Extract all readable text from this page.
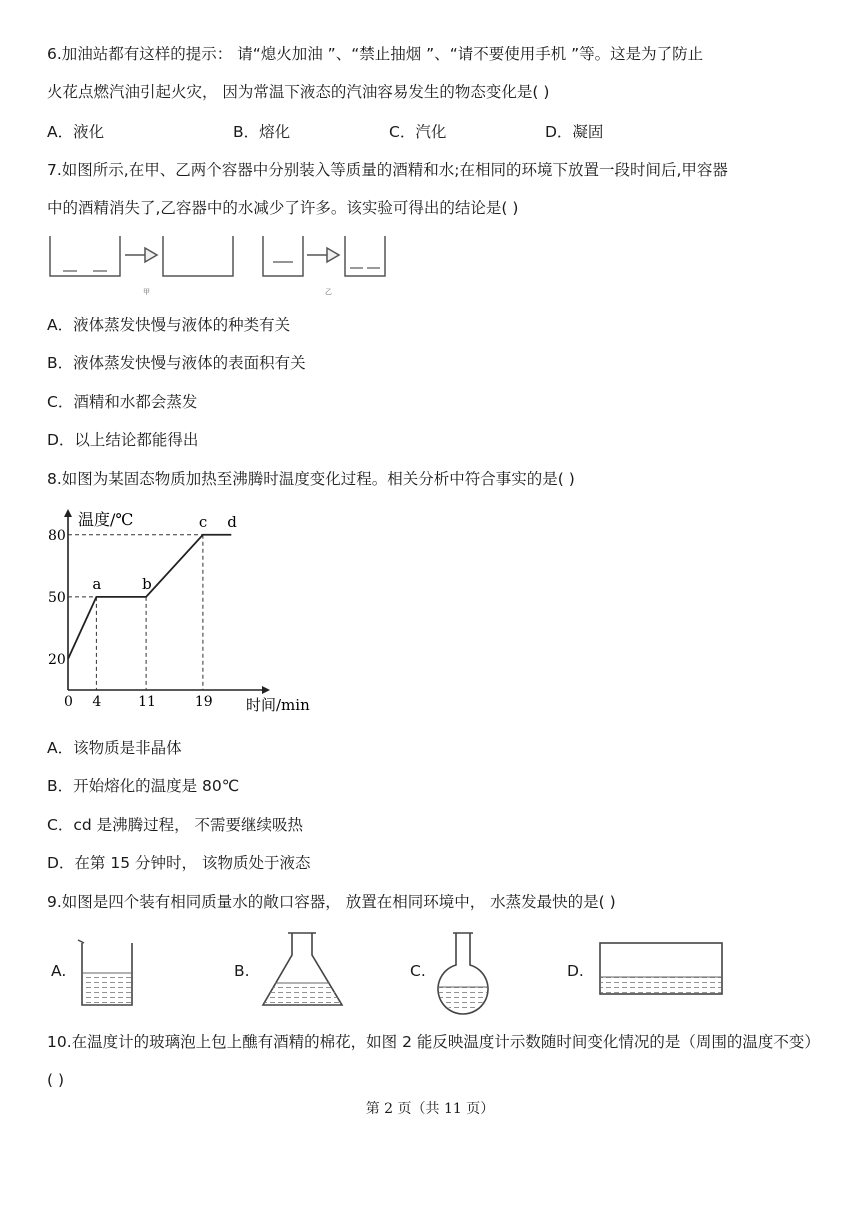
6.加油站都有这样的提示： 请“熄火加油 ”、“禁止抽烟 ”、“请不要使用手机 ”等。这是为了防止
火花点燃汽油引起火灾， 因为常温下液态的汽油容易发生的物态变化是( )
A．液化	B．熔化	C．汽化	D．凝固
7.如图所示,在甲、乙两个容器中分别装入等质量的酒精和水;在相同的环境下放置一段时间后,甲容器
中的酒精消失了,乙容器中的水减少了许多。该实验可得出的结论是( )
甲	乙
A．液体蒸发快慢与液体的种类有关
B．液体蒸发快慢与液体的表面积有关
C．酒精和水都会蒸发
D．以上结论都能得出
8.如图为某固态物质加热至沸腾时温度变化过程。相关分析中符合事实的是( )
温度/℃
时间/min
a	b
c d
0 4	11	19
20
50
80
A．该物质是非晶体
B．开始熔化的温度是 80℃
C．cd 是沸腾过程， 不需要继续吸热
D．在第 15 分钟时， 该物质处于液态
9.如图是四个装有相同质量水的敞口容器， 放置在相同环境中， 水蒸发最快的是( )
A.	B.	C.	D.
10.在温度计的玻璃泡上包上醮有酒精的棉花，如图 2 能反映温度计示数随时间变化情况的是（周围的温度不变）( )
第 2 页（共 11 页）
